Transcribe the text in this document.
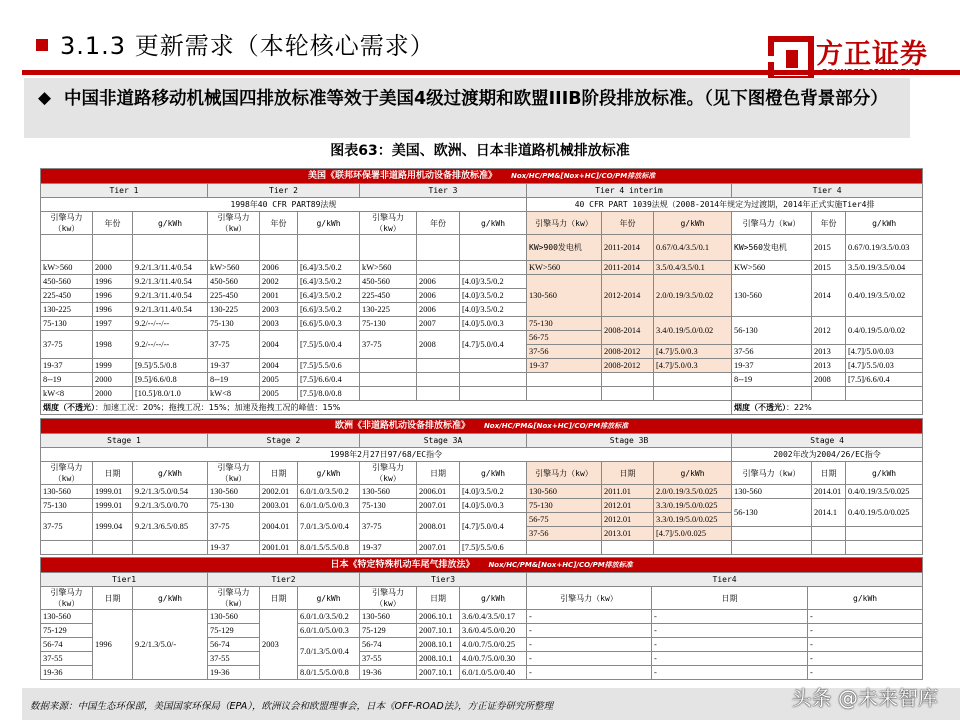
3.1.3 更新需求（本轮核心需求）	方正证券
◆ 中国非道路移动机械国四排放标准等效于美国4级过渡期和欧盟IIIB阶段排放标准。（见下图橙色背景部分）
图表63：美国、欧洲、日本非道路机械排放标准
美国《联邦环保署非道路用机动设备排放标准》 Nox/HC/PM&[Nox+HC]/CO/PM排放标准														
Tier 1			Tier 2			Tier 3			Tier 4 interim			Tier 4		
1998年40 CFR PART89法规									40 CFR PART 1039法规（2008-2014年规定为过渡期，2014年正式实施Tier4排					
引擎马力（kw）	年份	g/kWh	引擎马力（kw）	年份	g/kWh	引擎马力（kw）	年份	g/kWh	引擎马力（kw）	年份	g/kWh	引擎马力（kw）	年份	g/kWh
									KW>900发电机	2011-2014	0.67/0.4/3.5/0.1	KW>560发电机	2015	0.67/0.19/3.5/0.03
kW>560	2000	9.2/1.3/11.4/0.54	kW>560	2006	[6.4]/3.5/0.2	kW>560			KW>560	2011-2014	3.5/0.4/3.5/0.1	KW>560	2015	3.5/0.19/3.5/0.04
450-560	1996	9.2/1.3/11.4/0.54	450-560	2002	[6.4]/3.5/0.2	450-560	2006	[4.0]/3.5/0.2	130-560	2012-2014	2.0/0.19/3.5/0.02	130-560	2014	0.4/0.19/3.5/0.02
225-450	1996	9.2/1.3/11.4/0.54	225-450	2001	[6.4]/3.5/0.2	225-450	2006	[4.0]/3.5/0.2						
130-225	1996	9.2/1.3/11.4/0.54	130-225	2003	[6.6]/3.5/0.2	130-225	2006	[4.0]/3.5/0.2						
75-130	1997	9.2/--/--/--	75-130	2003	[6.6]/5.0/0.3	75-130	2007	[4.0]/5.0/0.3	75-130	2008-2014	3.4/0.19/5.0/0.02	56-130	2012	0.4/0.19/5.0/0.02
37-75	1998	9.2/--/--/--	37-75	2004	[7.5]/5.0/0.4	37-75	2008	[4.7]/5.0/0.4	56-75					
									37-56	2008-2012	[4.7]/5.0/0.3	37-56	2013	[4.7]/5.0/0.03
19-37	1999	[9.5]/5.5/0.8	19-37	2004	[7.5]/5.5/0.6				19-37	2008-2012	[4.7]/5.0/0.3	19-37	2013	[4.7]/5.5/0.03
8--19	2000	[9.5]/6.6/0.8	8--19	2005	[7.5]/6.6/0.4							8--19	2008	[7.5]/6.6/0.4
kW<8	2000	[10.5]/8.0/1.0	kW<8	2005	[7.5]/8.0/0.8									
烟度（不透光）：加速工况：20%；拖拽工况：15%；加速及拖拽工况的峰值：15%												烟度（不透光）：22%		
欧洲《非道路机动设备排放标准》 Nox/HC/PM&[Nox+HC]/CO/PM排放标准														
Stage 1			Stage 2			Stage 3A			Stage 3B			Stage 4		
1998年2月27日97/68/EC指令												2002年改为2004/26/EC指令		
引擎马力（kw）	日期	g/kWh	引擎马力（kw）	日期	g/kWh	引擎马力（kw）	日期	g/kWh	引擎马力（kw）	日期	g/kWh	引擎马力（kw）	日期	g/kWh
130-560	1999.01	9.2/1.3/5.0/0.54	130-560	2002.01	6.0/1.0/3.5/0.2	130-560	2006.01	[4.0]/3.5/0.2	130-560	2011.01	2.0/0.19/3.5/0.025	130-560	2014.01	0.4/0.19/3.5/0.025
75-130	1999.01	9.2/1.3/5.0/0.70	75-130	2003.01	6.0/1.0/5.0/0.3	75-130	2007.01	[4.0]/5.0/0.3	75-130	2012.01	3.3/0.19/5.0/0.025	56-130	2014.1	0.4/0.19/5.0/0.025
37-75	1999.04	9.2/1.3/6.5/0.85	37-75	2004.01	7.0/1.3/5.0/0.4	37-75	2008.01	[4.7]/5.0/0.4	56-75	2012.01	3.3/0.19/5.0/0.025			
									37-56	2013.01	[4.7]/5.0/0.025			
			19-37	2001.01	8.0/1.5/5.5/0.8	19-37	2007.01	[7.5]/5.5/0.6						
日本《特定特殊机动车尾气排放法》 Nox/HC/PM&[Nox+HC]/CO/PM排放标准											
Tier1			Tier2			Tier3			Tier4		
引擎马力（kw）	日期	g/kWh	引擎马力（kw）	日期	g/kWh	引擎马力（kw）	日期	g/kWh	引擎马力（kw）	日期	g/kWh
130-560	1996	9.2/1.3/5.0/-	130-560	2003	6.0/1.0/3.5/0.2	130-560	2006.10.1	3.6/0.4/3.5/0.17	-	-	-
75-129			75-129		6.0/1.0/5.0/0.3	75-129	2007.10.1	3.6/0.4/5.0/0.20	-	-	-
56-74			56-74		7.0/1.3/5.0/0.4	56-74	2008.10.1	4.0/0.7/5.0/0.25	-	-	-
37-55			37-55			37-55	2008.10.1	4.0/0.7/5.0/0.30	-	-	-
19-36			19-36		8.0/1.5/5.0/0.8	19-36	2007.10.1	6.0/1.0/5.0/0.40	-	-	-
数据来源：中国生态环保部，美国国家环保局（EPA），欧洲议会和欧盟理事会，日本《OFF-ROAD法》，方正证券研究所整理	头条 @未来智库
